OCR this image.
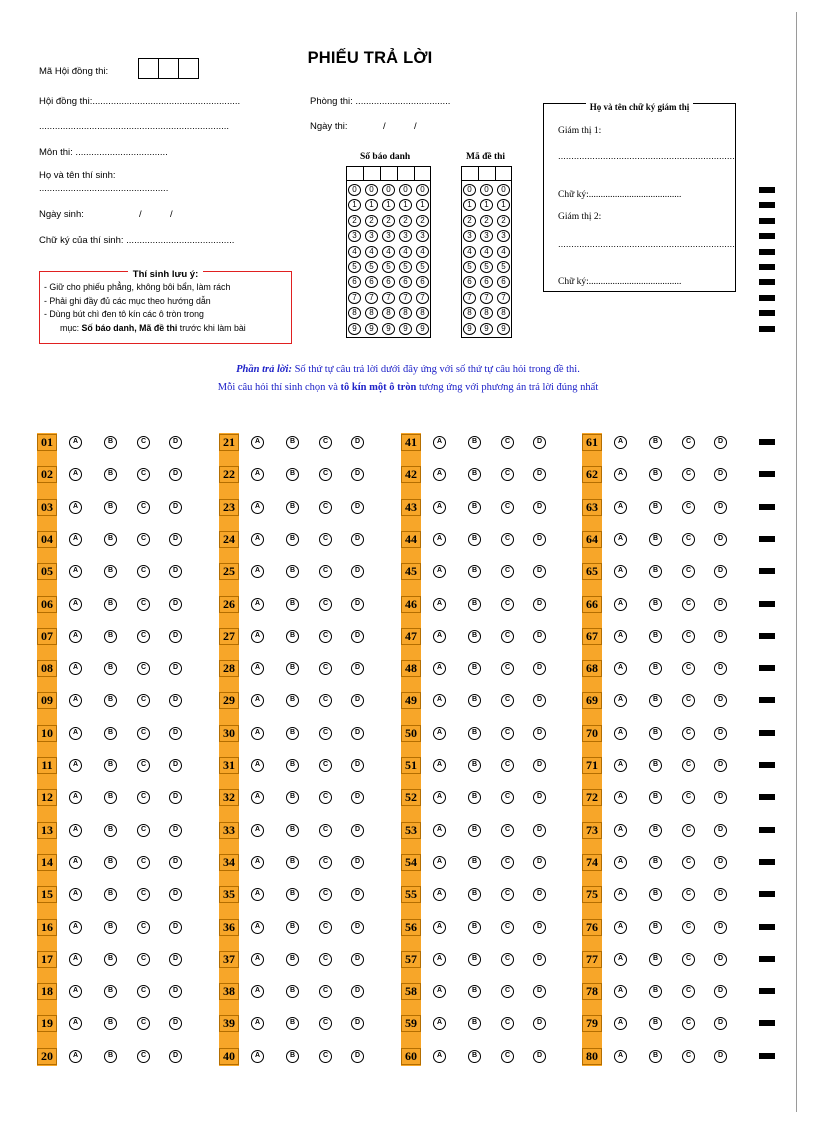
PHIẾU TRẢ LỜI
Mã Hội đồng thi:
Hội đồng thi:........................................................
........................................................................
Môn thi: ...................................
Họ và tên thí sinh:
.................................................
Ngày sinh:	/	/
Chữ ký của thí sinh: .........................................
Thí sinh lưu ý:
- Giữ cho phiếu phẳng, không bôi bẩn, làm rách
- Phải ghi đầy đủ các mục theo hướng dẫn
- Dùng bút chì đen tô kín các ô tròn trong
mục: Số báo danh, Mã đề thi trước khi làm bài
Phòng thi: ....................................
Ngày thi:	/	/
Số báo danh	Mã đề thi
0	0	0	0	0
1	1	1	1	1
2	2	2	2	2
3	3	3	3	3
4	4	4	4	4
5	5	5	5	5
6	6	6	6	6
7	7	7	7	7
8	8	8	8	8
9	9	9	9	9
0	0	0
1	1	1
2	2	2
3	3	3
4	4	4
5	5	5
6	6	6
7	7	7
8	8	8
9	9	9
Họ và tên chữ ký giám thị
Giám thị 1:
...................................................................
Chữ ký:.......................................
Giám thị 2:
...................................................................
Chữ ký:.......................................
Phần trả lời: Số thứ tự câu trả lời dưới đây ứng với số thứ tự câu hỏi trong đề thi.
Mỗi câu hỏi thí sinh chọn và tô kín một ô tròn tương ứng với phương án trả lời đúng nhất
01	A	B	C	D
02	A	B	C	D
03	A	B	C	D
04	A	B	C	D
05	A	B	C	D
06	A	B	C	D
07	A	B	C	D
08	A	B	C	D
09	A	B	C	D
10	A	B	C	D
11	A	B	C	D
12	A	B	C	D
13	A	B	C	D
14	A	B	C	D
15	A	B	C	D
16	A	B	C	D
17	A	B	C	D
18	A	B	C	D
19	A	B	C	D
20	A	B	C	D
21	A	B	C	D
22	A	B	C	D
23	A	B	C	D
24	A	B	C	D
25	A	B	C	D
26	A	B	C	D
27	A	B	C	D
28	A	B	C	D
29	A	B	C	D
30	A	B	C	D
31	A	B	C	D
32	A	B	C	D
33	A	B	C	D
34	A	B	C	D
35	A	B	C	D
36	A	B	C	D
37	A	B	C	D
38	A	B	C	D
39	A	B	C	D
40	A	B	C	D
41	A	B	C	D
42	A	B	C	D
43	A	B	C	D
44	A	B	C	D
45	A	B	C	D
46	A	B	C	D
47	A	B	C	D
48	A	B	C	D
49	A	B	C	D
50	A	B	C	D
51	A	B	C	D
52	A	B	C	D
53	A	B	C	D
54	A	B	C	D
55	A	B	C	D
56	A	B	C	D
57	A	B	C	D
58	A	B	C	D
59	A	B	C	D
60	A	B	C	D
61	A	B	C	D
62	A	B	C	D
63	A	B	C	D
64	A	B	C	D
65	A	B	C	D
66	A	B	C	D
67	A	B	C	D
68	A	B	C	D
69	A	B	C	D
70	A	B	C	D
71	A	B	C	D
72	A	B	C	D
73	A	B	C	D
74	A	B	C	D
75	A	B	C	D
76	A	B	C	D
77	A	B	C	D
78	A	B	C	D
79	A	B	C	D
80	A	B	C	D
